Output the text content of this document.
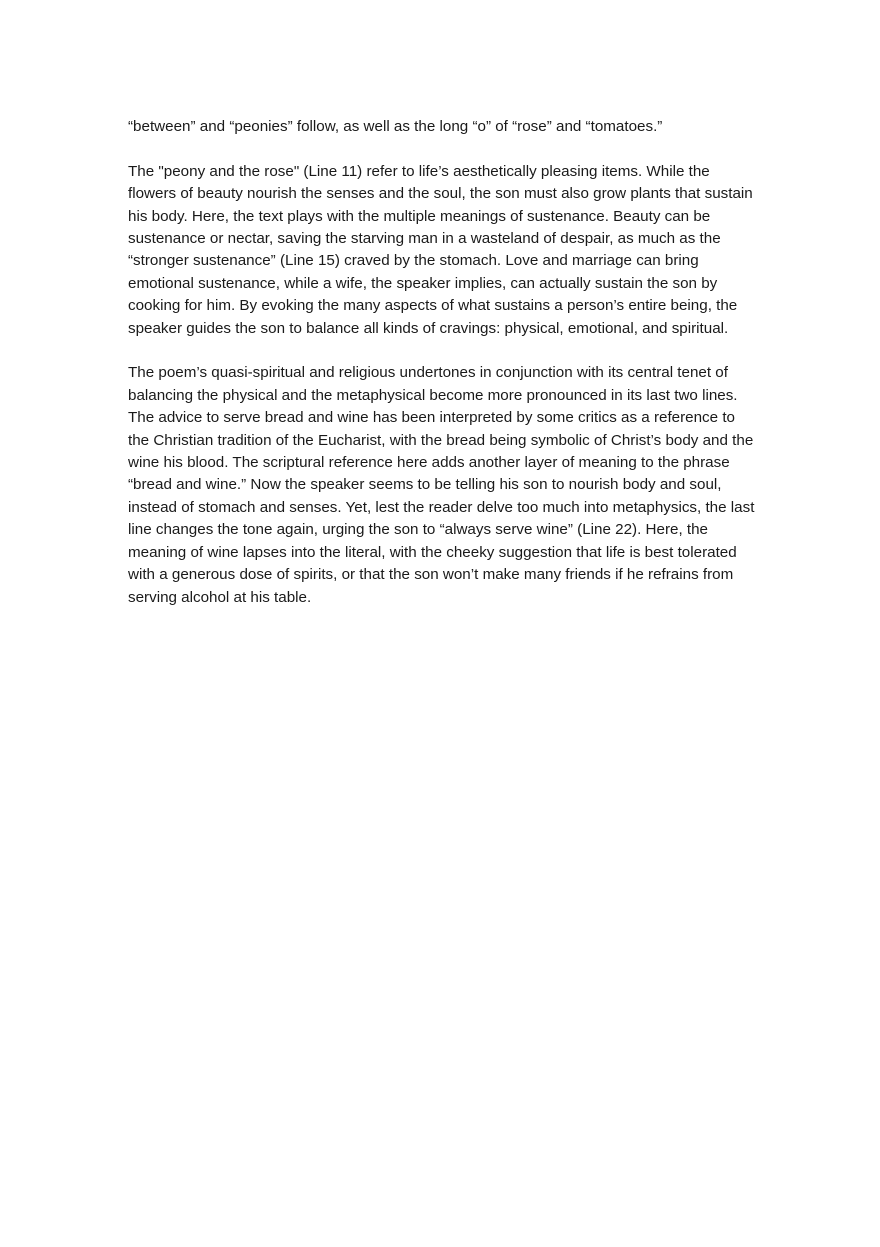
“between” and “peonies” follow, as well as the long “o” of “rose” and “tomatoes.”

The "peony and the rose" (Line 11) refer to life’s aesthetically pleasing items. While the flowers of beauty nourish the senses and the soul, the son must also grow plants that sustain his body. Here, the text plays with the multiple meanings of sustenance. Beauty can be sustenance or nectar, saving the starving man in a wasteland of despair, as much as the “stronger sustenance” (Line 15) craved by the stomach. Love and marriage can bring emotional sustenance, while a wife, the speaker implies, can actually sustain the son by cooking for him. By evoking the many aspects of what sustains a person’s entire being, the speaker guides the son to balance all kinds of cravings: physical, emotional, and spiritual.

The poem’s quasi-spiritual and religious undertones in conjunction with its central tenet of balancing the physical and the metaphysical become more pronounced in its last two lines. The advice to serve bread and wine has been interpreted by some critics as a reference to the Christian tradition of the Eucharist, with the bread being symbolic of Christ’s body and the wine his blood. The scriptural reference here adds another layer of meaning to the phrase “bread and wine.” Now the speaker seems to be telling his son to nourish body and soul, instead of stomach and senses. Yet, lest the reader delve too much into metaphysics, the last line changes the tone again, urging the son to “always serve wine” (Line 22). Here, the meaning of wine lapses into the literal, with the cheeky suggestion that life is best tolerated with a generous dose of spirits, or that the son won’t make many friends if he refrains from serving alcohol at his table.
